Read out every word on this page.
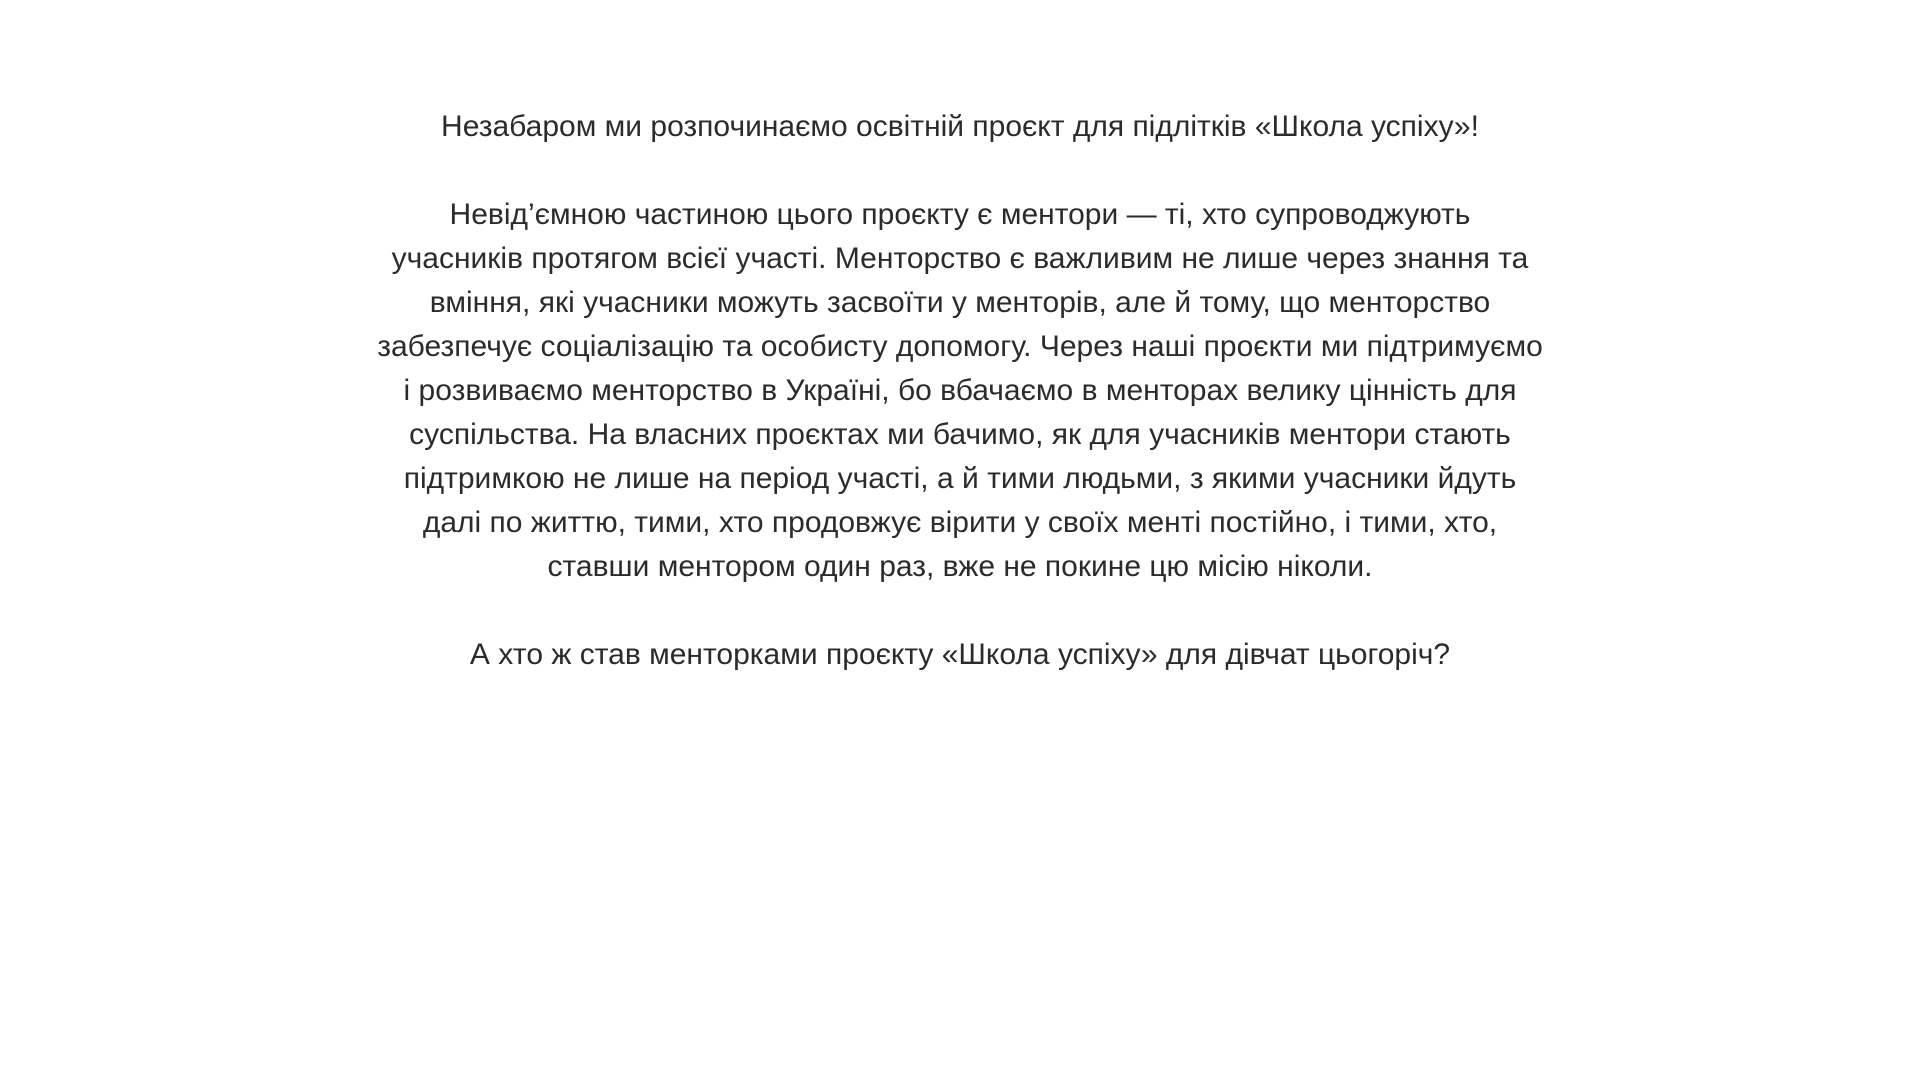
Незабаром ми розпочинаємо освітній проєкт для підлітків «Школа успіху»!

Невід’ємною частиною цього проєкту є ментори — ті, хто супроводжують
учасників протягом всієї участі. Менторство є важливим не лише через знання та
вміння, які учасники можуть засвоїти у менторів, але й тому, що менторство
забезпечує соціалізацію та особисту допомогу. Через наші проєкти ми підтримуємо
і розвиваємо менторство в Україні, бо вбачаємо в менторах велику цінність для
суспільства. На власних проєктах ми бачимо, як для учасників ментори стають
підтримкою не лише на період участі, а й тими людьми, з якими учасники йдуть
далі по життю, тими, хто продовжує вірити у своїх менті постійно, і тими, хто,
ставши ментором один раз, вже не покине цю місію ніколи.

А хто ж став менторками проєкту «Школа успіху» для дівчат цьогоріч?
